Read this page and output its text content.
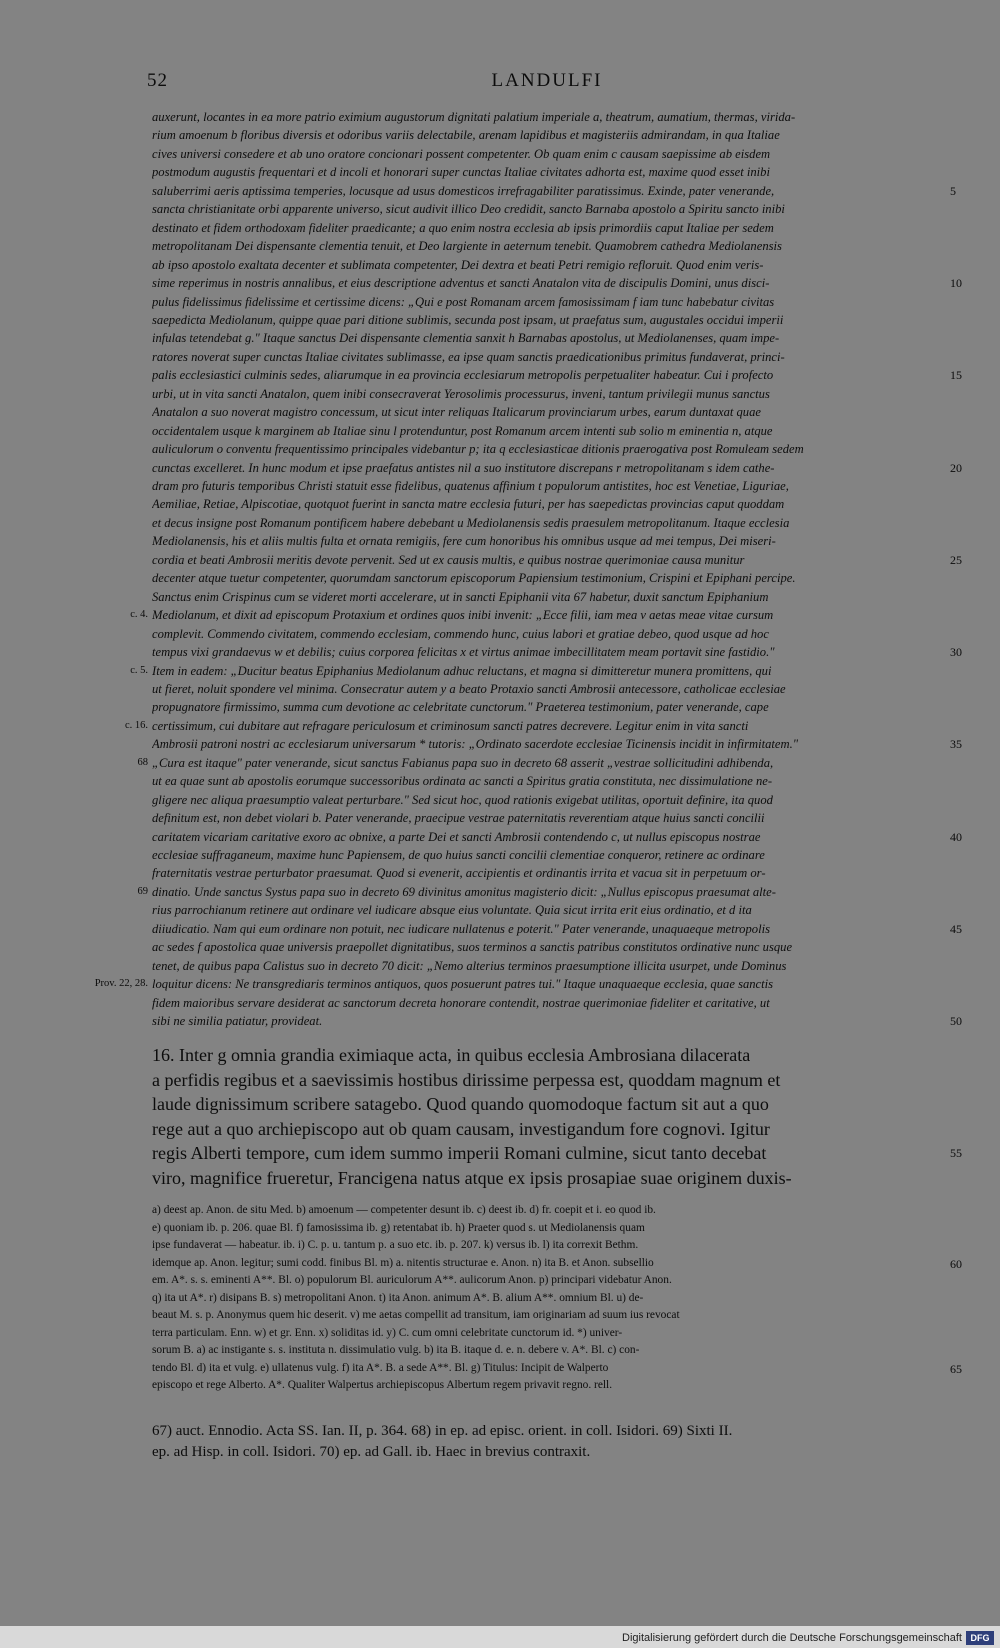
52	LANDULFI
auxerunt, locantes in ea more patrio eximium augustorum dignitati palatium imperiale a, theatrum, aumatium, thermas, virida-
rium amoenum b floribus diversis et odoribus variis delectabile, arenam lapidibus et magisteriis admirandam, in qua Italiae
cives universi consedere et ab uno oratore concionari possent competenter. Ob quam enim c causam saepissime ab eisdem
postmodum augustis frequentari et d incoli et honorari super cunctas Italiae civitates adhorta est, maxime quod esset inibi
saluberrimi aeris aptissima temperies, locusque ad usus domesticos irrefragabiliter paratissimus. Exinde, pater venerande,
sancta christianitate orbi apparente universo, sicut audivit illico Deo credidit, sancto Barnaba apostolo a Spiritu sancto inibi
destinato et fidem orthodoxam fideliter praedicante; a quo enim nostra ecclesia ab ipsis primordiis caput Italiae per sedem
metropolitanam Dei dispensante clementia tenuit, et Deo largiente in aeternum tenebit. Quamobrem cathedra Mediolanensis
ab ipso apostolo exaltata decenter et sublimata competenter, Dei dextra et beati Petri remigio refloruit. Quod enim veris-
sime reperimus in nostris annalibus, et eius descriptione adventus et sancti Anatalon vita de discipulis Domini, unus disci-
pulus fidelissimus fidelissime et certissime dicens: „Qui e post Romanam arcem famosissimam f iam tunc habebatur civitas
saepedicta Mediolanum, quippe quae pari ditione sublimis, secunda post ipsam, ut praefatus sum, augustales occidui imperii
infulas tetendebat g." Itaque sanctus Dei dispensante clementia sanxit h Barnabas apostolus, ut Mediolanenses, quam impe-
ratores noverat super cunctas Italiae civitates sublimasse, ea ipse quam sanctis praedicationibus primitus fundaverat, princi-
palis ecclesiastici culminis sedes, aliarumque in ea provincia ecclesiarum metropolis perpetualiter habeatur. Cui i profecto
urbi, ut in vita sancti Anatalon, quem inibi consecraverat Yerosolimis processurus, inveni, tantum privilegii munus sanctus
Anatalon a suo noverat magistro concessum, ut sicut inter reliquas Italicarum provinciarum urbes, earum duntaxat quae
occidentalem usque k marginem ab Italiae sinu l protenduntur, post Romanum arcem intenti sub solio m eminentia n, atque
auliculorum o conventu frequentissimo principales videbantur p; ita q ecclesiasticae ditionis praerogativa post Romuleam sedem
cunctas excelleret. In hunc modum et ipse praefatus antistes nil a suo institutore discrepans r metropolitanam s idem cathe-
dram pro futuris temporibus Christi statuit esse fidelibus, quatenus affinium t populorum antistites, hoc est Venetiae, Liguriae,
Aemiliae, Retiae, Alpiscotiae, quotquot fuerint in sancta matre ecclesia futuri, per has saepedictas provincias caput quoddam
et decus insigne post Romanum pontificem habere debebant u Mediolanensis sedis praesulem metropolitanum. Itaque ecclesia
Mediolanensis, his et aliis multis fulta et ornata remigiis, fere cum honoribus his omnibus usque ad mei tempus, Dei miseri-
cordia et beati Ambrosii meritis devote pervenit. Sed ut ex causis multis, e quibus nostrae querimoniae causa munitur
decenter atque tuetur competenter, quorumdam sanctorum episcoporum Papiensium testimonium, Crispini et Epiphani percipe.
Sanctus enim Crispinus cum se videret morti accelerare, ut in sancti Epiphanii vita 67 habetur, duxit sanctum Epiphanium
Mediolanum, et dixit ad episcopum Protaxium et ordines quos inibi invenit: „Ecce filii, iam mea v aetas meae vitae cursum
complevit. Commendo civitatem, commendo ecclesiam, commendo hunc, cuius labori et gratiae debeo, quod usque ad hoc
tempus vixi grandaevus w et debilis; cuius corporea felicitas x et virtus animae imbecillitatem meam portavit sine fastidio."
Item in eadem: „Ducitur beatus Epiphanius Mediolanum adhuc reluctans, et magna si dimitteretur munera promittens, qui
ut fieret, noluit spondere vel minima. Consecratur autem y a beato Protaxio sancti Ambrosii antecessore, catholicae ecclesiae
propugnatore firmissimo, summa cum devotione ac celebritate cunctorum." Praeterea testimonium, pater venerande, cape
certissimum, cui dubitare aut refragare periculosum et criminosum sancti patres decrevere. Legitur enim in vita sancti
Ambrosii patroni nostri ac ecclesiarum universarum * tutoris: „Ordinato sacerdote ecclesiae Ticinensis incidit in infirmitatem."
„Cura est itaque" pater venerande, sicut sanctus Fabianus papa suo in decreto 68 asserit „vestrae sollicitudini adhibenda,
ut ea quae sunt ab apostolis eorumque successoribus ordinata ac sancti a Spiritus gratia constituta, nec dissimulatione ne-
gligere nec aliqua praesumptio valeat perturbare." Sed sicut hoc, quod rationis exigebat utilitas, oportuit definire, ita quod
definitum est, non debet violari b. Pater venerande, praecipue vestrae paternitatis reverentiam atque huius sancti concilii
caritatem vicariam caritative exoro ac obnixe, a parte Dei et sancti Ambrosii contendendo c, ut nullus episcopus nostrae
ecclesiae suffraganeum, maxime hunc Papiensem, de quo huius sancti concilii clementiae conqueror, retinere ac ordinare
fraternitatis vestrae perturbator praesumat. Quod si evenerit, accipientis et ordinantis irrita et vacua sit in perpetuum or-
dinatio. Unde sanctus Systus papa suo in decreto 69 divinitus amonitus magisterio dicit: „Nullus episcopus praesumat alte-
rius parrochianum retinere aut ordinare vel iudicare absque eius voluntate. Quia sicut irrita erit eius ordinatio, et d ita
diiudicatio. Nam qui eum ordinare non potuit, nec iudicare nullatenus e poterit." Pater venerande, unaquaeque metropolis
ac sedes f apostolica quae universis praepollet dignitatibus, suos terminos a sanctis patribus constitutos ordinative nunc usque
tenet, de quibus papa Calistus suo in decreto 70 dicit: „Nemo alterius terminos praesumptione illicita usurpet, unde Dominus
loquitur dicens: Ne transgrediaris terminos antiquos, quos posuerunt patres tui." Itaque unaquaeque ecclesia, quae sanctis
fidem maioribus servare desiderat ac sanctorum decreta honorare contendit, nostrae querimoniae fideliter et caritative, ut
sibi ne similia patiatur, provideat.
c. 4.
c. 5.
c. 16.
68
69
Prov. 22, 28.
5
10
15
20
25
30
35
40
45
50
16. Inter g omnia grandia eximiaque acta, in quibus ecclesia Ambrosiana dilacerata
a perfidis regibus et a saevissimis hostibus dirissime perpessa est, quoddam magnum et
laude dignissimum scribere satagebo. Quod quando quomodoque factum sit aut a quo
rege aut a quo archiepiscopo aut ob quam causam, investigandum fore cognovi. Igitur
regis Alberti tempore, cum idem summo imperii Romani culmine, sicut tanto decebat
viro, magnifice frueretur, Francigena natus atque ex ipsis prosapiae suae originem duxis-
55
a) deest ap. Anon. de situ Med. b) amoenum — competenter desunt ib. c) deest ib. d) fr. coepit et i. eo quod ib.
e) quoniam ib. p. 206. quae Bl. f) famosissima ib. g) retentabat ib. h) Praeter quod s. ut Mediolanensis quam
ipse fundaverat — habeatur. ib. i) C. p. u. tantum p. a suo etc. ib. p. 207. k) versus ib. l) ita correxit Bethm.
idemque ap. Anon. legitur; sumi codd. finibus Bl. m) a. nitentis structurae e. Anon. n) ita B. et Anon. subsellio
em. A*. s. s. eminenti A**. Bl. o) populorum Bl. auriculorum A**. aulicorum Anon. p) principari videbatur Anon.
q) ita ut A*. r) disipans B. s) metropolitani Anon. t) ita Anon. animum A*. B. alium A**. omnium Bl. u) de-
beaut M. s. p. Anonymus quem hic deserit. v) me aetas compellit ad transitum, iam originariam ad suum ius revocat
terra particulam. Enn. w) et gr. Enn. x) soliditas id. y) C. cum omni celebritate cunctorum id. *) univer-
sorum B. a) ac instigante s. s. instituta n. dissimulatio vulg. b) ita B. itaque d. e. n. debere v. A*. Bl. c) con-
tendo Bl. d) ita et vulg. e) ullatenus vulg. f) ita A*. B. a sede A**. Bl. g) Titulus: Incipit de Walperto
episcopo et rege Alberto. A*. Qualiter Walpertus archiepiscopus Albertum regem privavit regno. rell.
60
65
67) auct. Ennodio. Acta SS. Ian. II, p. 364. 68) in ep. ad episc. orient. in coll. Isidori. 69) Sixti II.
ep. ad Hisp. in coll. Isidori. 70) ep. ad Gall. ib. Haec in brevius contraxit.
Digitalisierung gefördert durch die Deutsche Forschungsgemeinschaft DFG
